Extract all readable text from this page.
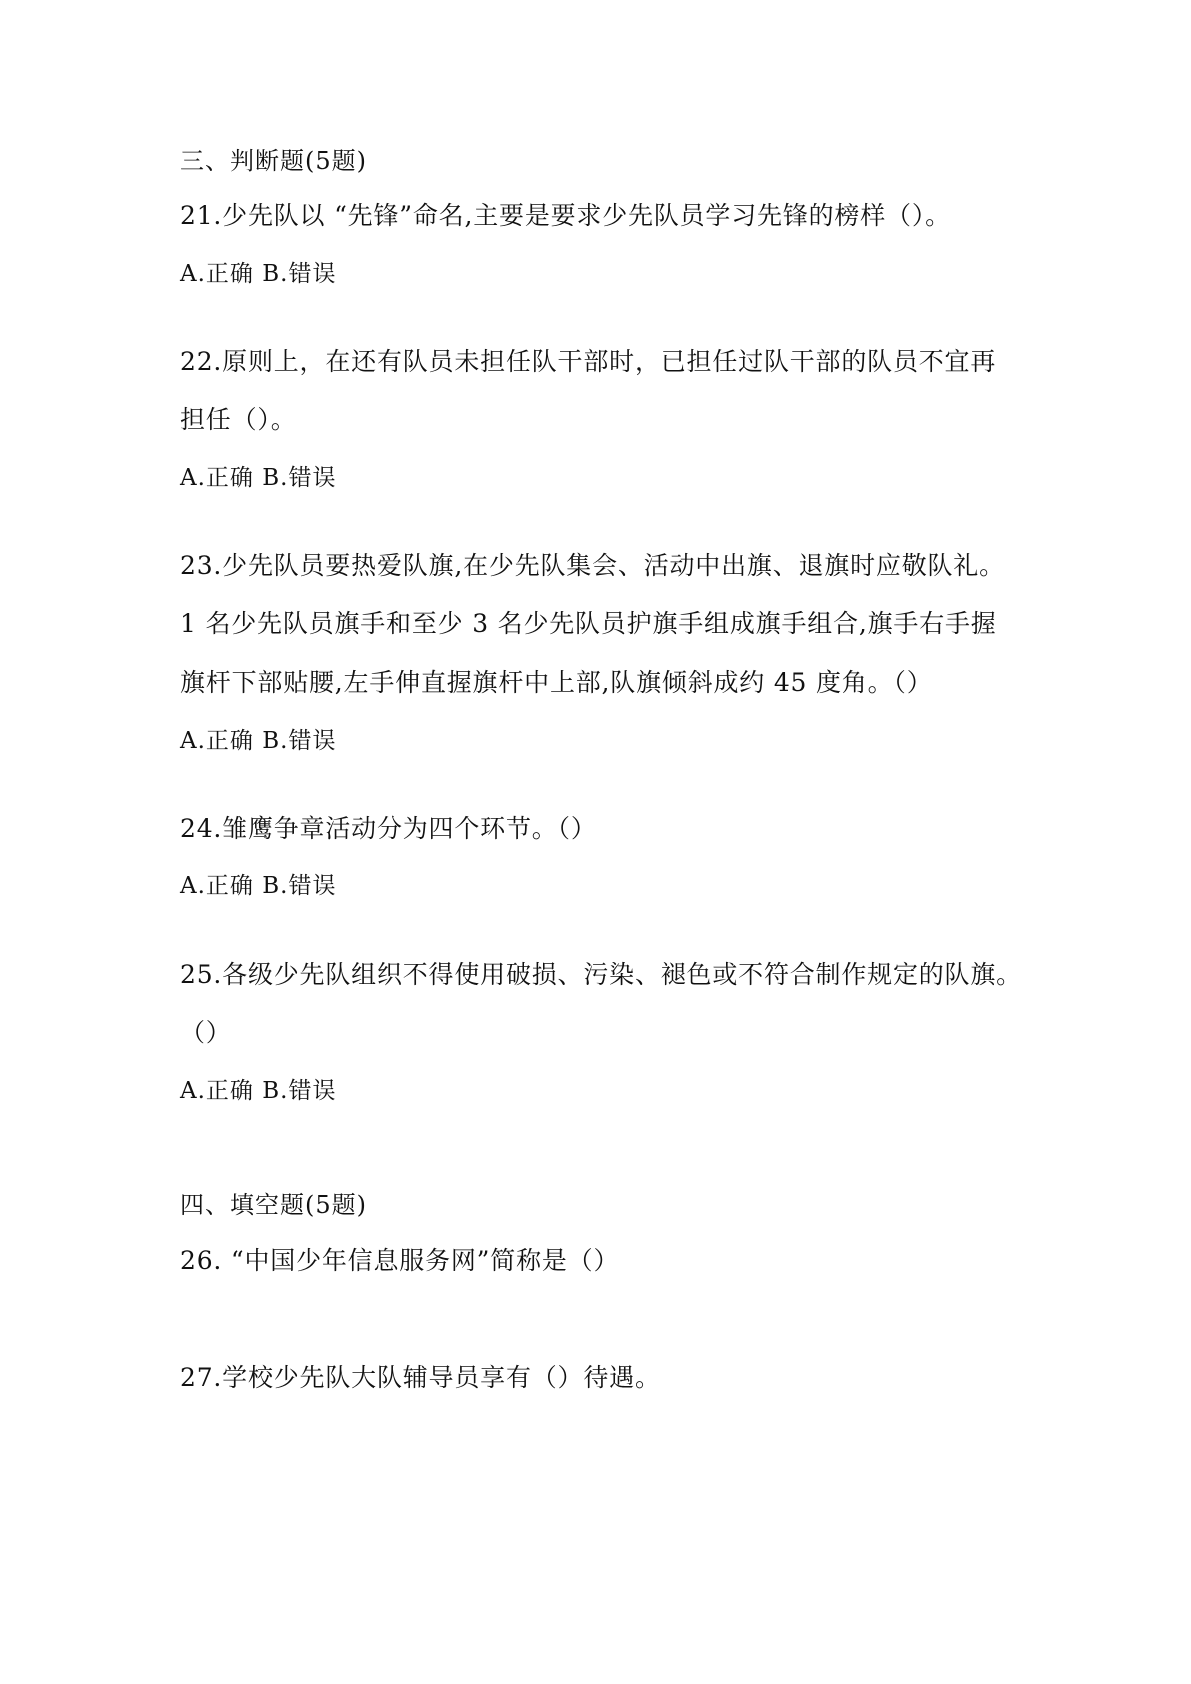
三、判断题(5题)

21.少先队以 “先锋”命名,主要是要求少先队员学习先锋的榜样（）。

A.正确 B.错误

22.原则上，在还有队员未担任队干部时，已担任过队干部的队员不宜再

担任（）。

A.正确 B.错误

23.少先队员要热爱队旗,在少先队集会、活动中出旗、退旗时应敬队礼。

1 名少先队员旗手和至少 3 名少先队员护旗手组成旗手组合,旗手右手握

旗杆下部贴腰,左手伸直握旗杆中上部,队旗倾斜成约 45 度角。（）

A.正确 B.错误

24.雏鹰争章活动分为四个环节。（）

A.正确 B.错误

25.各级少先队组织不得使用破损、污染、褪色或不符合制作规定的队旗。

（）

A.正确 B.错误

四、填空题(5题)

26. “中国少年信息服务网”简称是（）

27.学校少先队大队辅导员享有（）待遇。
